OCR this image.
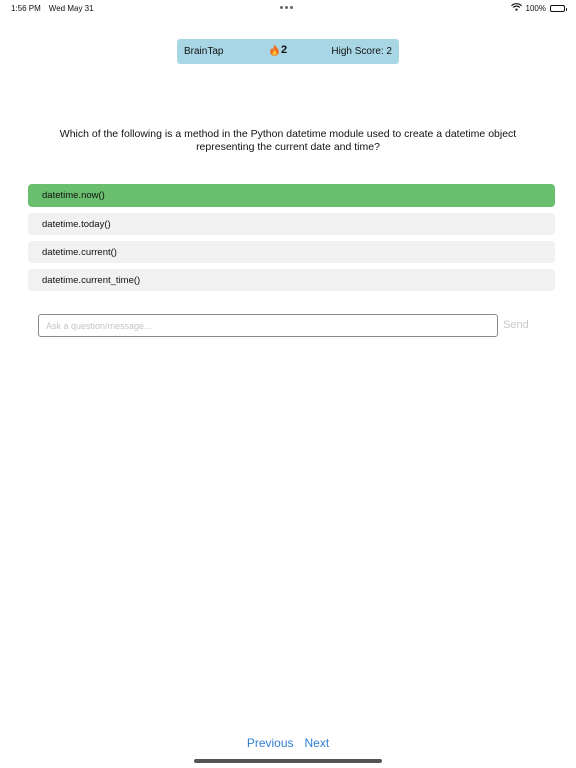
1:56 PM Wed May 31	100%
BrainTap	2	High Score: 2
Which of the following is a method in the Python datetime module used to create a datetime object representing the current date and time?
datetime.now()
datetime.today()
datetime.current()
datetime.current_time()
Ask a question/message...
Send
Previous Next
